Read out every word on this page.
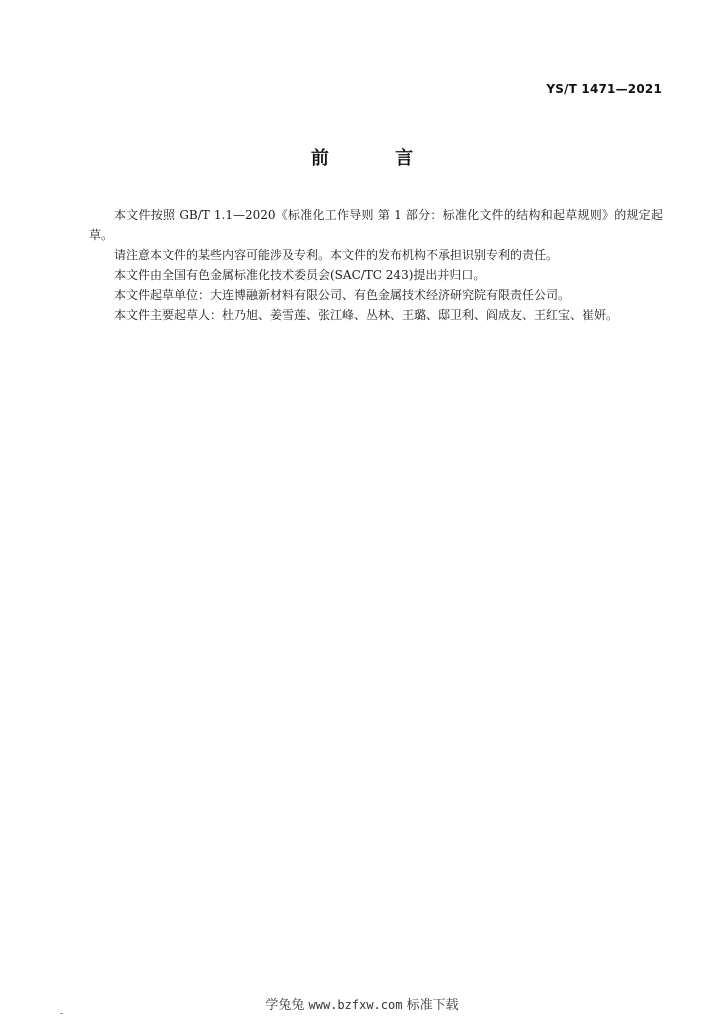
YS/T 1471—2021
前 言

本文件按照 GB/T 1.1—2020《标准化工作导则 第 1 部分：标准化文件的结构和起草规则》的规定起草。

请注意本文件的某些内容可能涉及专利。本文件的发布机构不承担识别专利的责任。

本文件由全国有色金属标准化技术委员会(SAC/TC 243)提出并归口。

本文件起草单位：大连博融新材料有限公司、有色金属技术经济研究院有限责任公司。

本文件主要起草人：杜乃旭、姜雪莲、张江峰、丛林、王璐、邸卫利、阎成友、王红宝、崔妍。

学兔兔 www.bzfxw.com 标准下载
